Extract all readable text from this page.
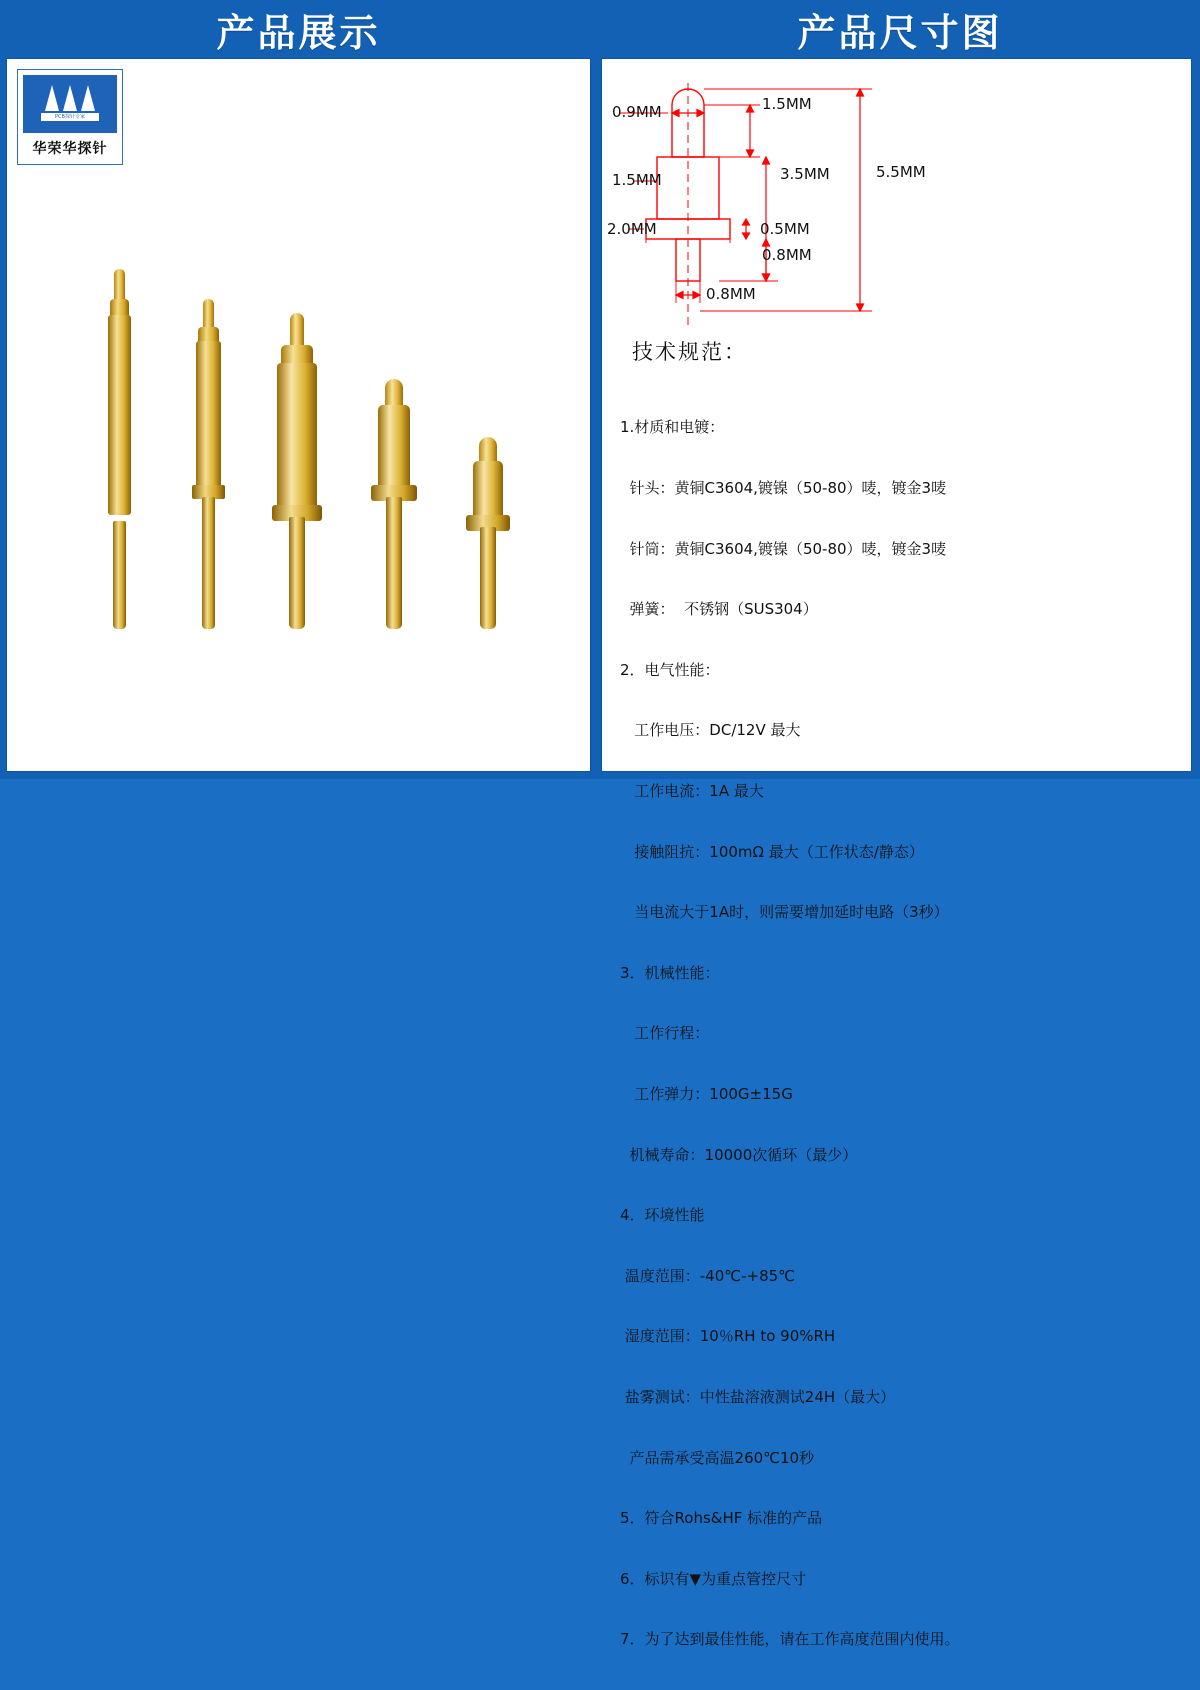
产品展示	产品尺寸图
PCB探针专家
华荣华探针
0.9MM	1.5MM
1.5MM	3.5MM	5.5MM
2.0MM	0.5MM
0.8MM
0.8MM
技术规范：

1.材质和电镀：

针头：黄铜C3604,镀镍（50-80）唛，镀金3唛

针筒：黄铜C3604,镀镍（50-80）唛，镀金3唛

弹簧：  不锈钢（SUS304）

2．电气性能：

工作电压：DC/12V 最大

工作电流：1A 最大

接触阻抗：100mΩ 最大（工作状态/静态）

当电流大于1A时，则需要增加延时电路（3秒）

3．机械性能：

工作行程：

工作弹力：100G±15G

机械寿命：10000次循环（最少）

4．环境性能

温度范围：-40℃-+85℃

湿度范围：10％RH to 90%RH

盐雾测试：中性盐溶液测试24H（最大）

产品需承受高温260℃10秒

5．符合Rohs&HF 标准的产品

6．标识有▼为重点管控尺寸

7．为了达到最佳性能，请在工作高度范围内使用。
